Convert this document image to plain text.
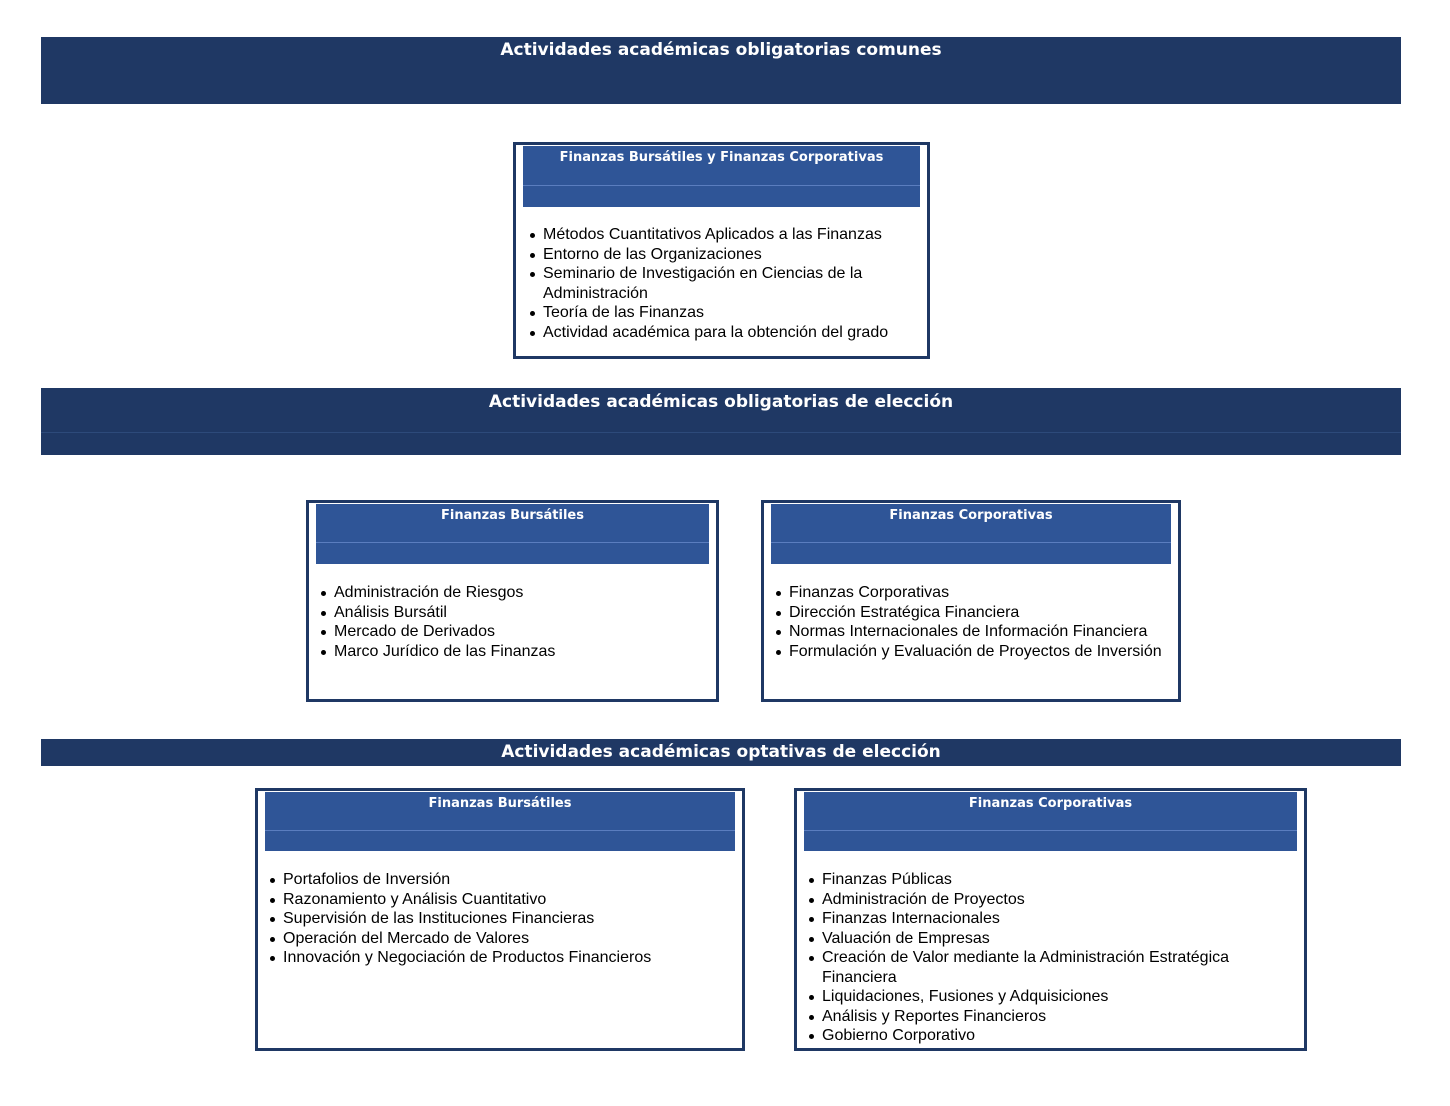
Actividades académicas obligatorias comunes
Finanzas Bursátiles y Finanzas Corporativas
Métodos Cuantitativos Aplicados a las Finanzas
Entorno de las Organizaciones
Seminario de Investigación en Ciencias de la Administración
Teoría de las Finanzas
Actividad académica para la obtención del grado
Actividades académicas obligatorias de elección
Finanzas Bursátiles
Administración de Riesgos
Análisis Bursátil
Mercado de Derivados
Marco Jurídico de las Finanzas
Finanzas Corporativas
Finanzas Corporativas
Dirección Estratégica Financiera
Normas Internacionales de Información Financiera
Formulación y Evaluación de Proyectos de Inversión
Actividades académicas optativas de elección
Finanzas Bursátiles
Portafolios de Inversión
Razonamiento y Análisis Cuantitativo
Supervisión de las Instituciones Financieras
Operación del Mercado de Valores
Innovación y Negociación de Productos Financieros
Finanzas Corporativas
Finanzas Públicas
Administración de Proyectos
Finanzas Internacionales
Valuación de Empresas
Creación de Valor mediante la Administración Estratégica Financiera
Liquidaciones, Fusiones y Adquisiciones
Análisis y Reportes Financieros
Gobierno Corporativo
